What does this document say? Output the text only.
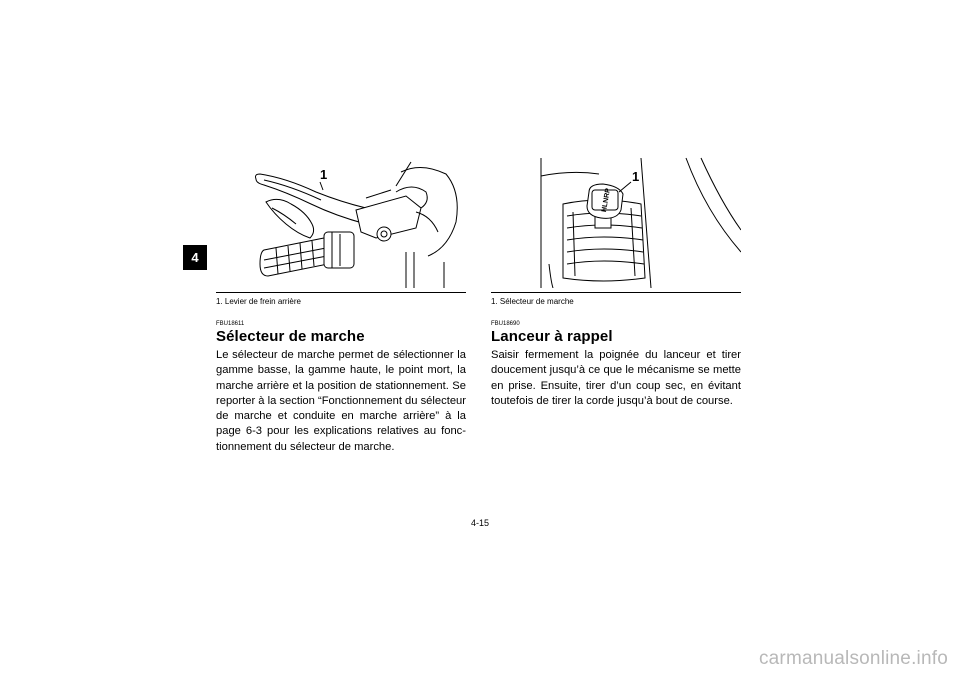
4
1
1. Levier de frein arrière
FBU18611
Sélecteur de marche
Le sélecteur de marche permet de sélectionner la gamme basse, la gamme haute, le point mort, la marche arrière et la position de stationnement. Se reporter à la section “Fonctionnement du sélecteur de marche et conduite en marche arrière” à la page 6-3 pour les explications relatives au fonc-tionnement du sélecteur de marche.
HLNRP
1
1. Sélecteur de marche
FBU18690
Lanceur à rappel
Saisir fermement la poignée du lanceur et tirer doucement jusqu’à ce que le mécanisme se mette en prise. Ensuite, tirer d’un coup sec, en évitant toutefois de tirer la corde jusqu’à bout de course.
4-15
carmanualsonline.info
